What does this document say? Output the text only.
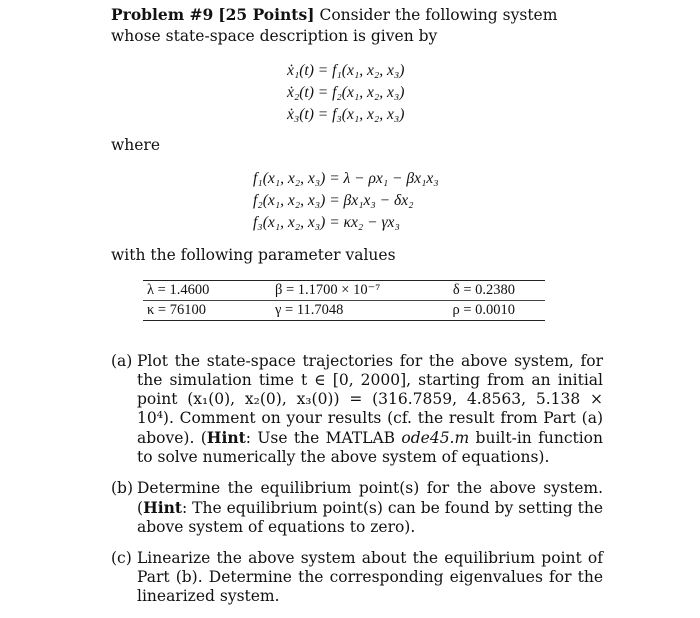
Problem #9 [25 Points] Consider the following system whose state-space description is given by
ẋ₁(t) = f₁(x₁, x₂, x₃)
ẋ₂(t) = f₂(x₁, x₂, x₃)
ẋ₃(t) = f₃(x₁, x₂, x₃)
where
f₁(x₁, x₂, x₃) = λ − ρx₁ − βx₁x₃
f₂(x₁, x₂, x₃) = βx₁x₃ − δx₂
f₃(x₁, x₂, x₃) = κx₂ − γx₃
with the following parameter values
λ = 1.4600	β = 1.1700 × 10⁻⁷	δ = 0.2380
κ = 76100	γ = 11.7048	ρ = 0.0010
(a) Plot the state-space trajectories for the above system, for the simulation time t ∈ [0, 2000], starting from an initial point (x₁(0), x₂(0), x₃(0)) = (316.7859, 4.8563, 5.138 × 10⁴). Comment on your results (cf. the result from Part (a) above). (Hint: Use the MATLAB ode45.m built-in function to solve numerically the above system of equations).
(b) Determine the equilibrium point(s) for the above system. (Hint: The equilibrium point(s) can be found by setting the above system of equations to zero).
(c) Linearize the above system about the equilibrium point of Part (b). Determine the corresponding eigenvalues for the linearized system.
